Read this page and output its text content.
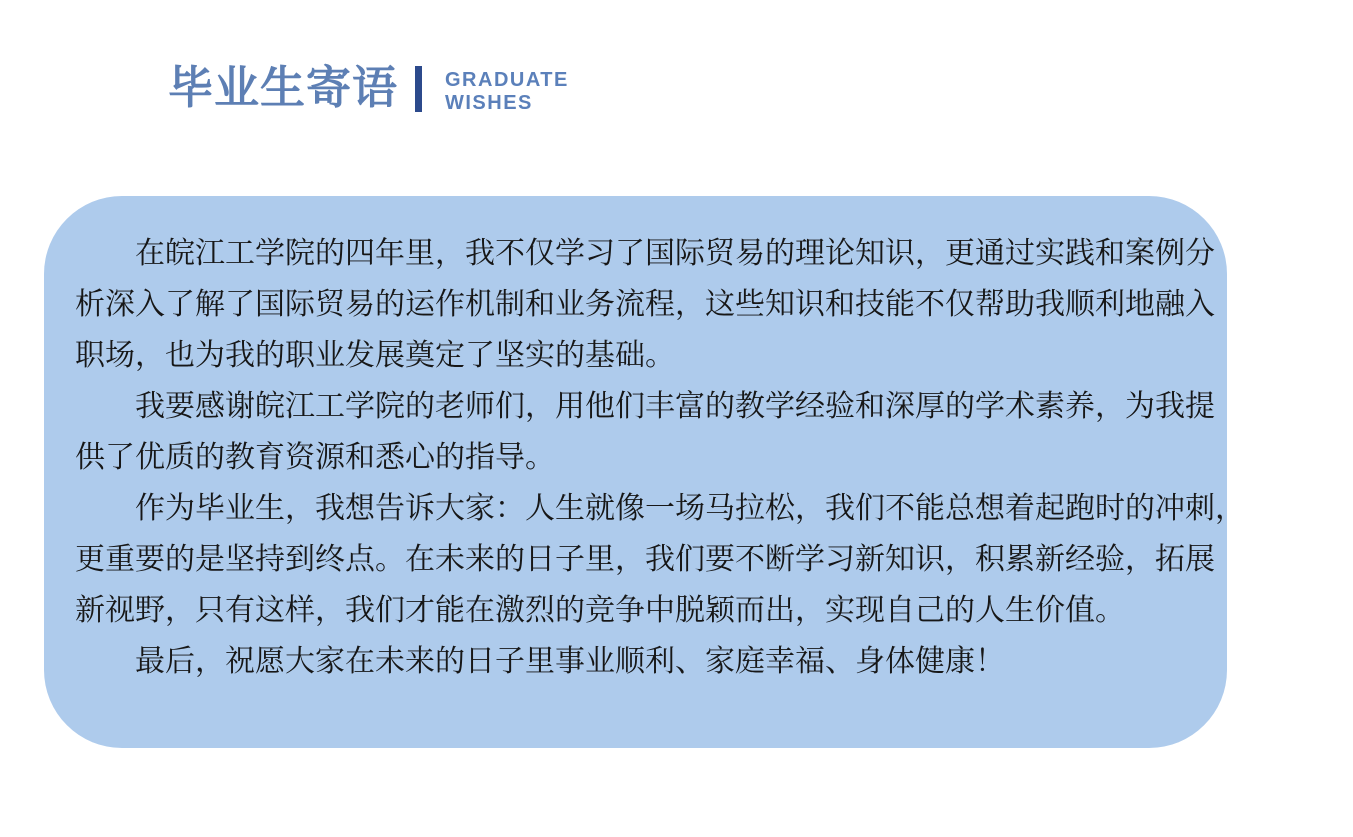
毕业生寄语 GRADUATE
WISHES
在皖江工学院的四年里，我不仅学习了国际贸易的理论知识，更通过实践和案例分
析深入了解了国际贸易的运作机制和业务流程，这些知识和技能不仅帮助我顺利地融入
职场，也为我的职业发展奠定了坚实的基础。
我要感谢皖江工学院的老师们，用他们丰富的教学经验和深厚的学术素养，为我提
供了优质的教育资源和悉心的指导。
作为毕业生，我想告诉大家：人生就像一场马拉松，我们不能总想着起跑时的冲刺，
更重要的是坚持到终点。在未来的日子里，我们要不断学习新知识，积累新经验，拓展
新视野，只有这样，我们才能在激烈的竞争中脱颖而出，实现自己的人生价值。
最后，祝愿大家在未来的日子里事业顺利、家庭幸福、身体健康！
